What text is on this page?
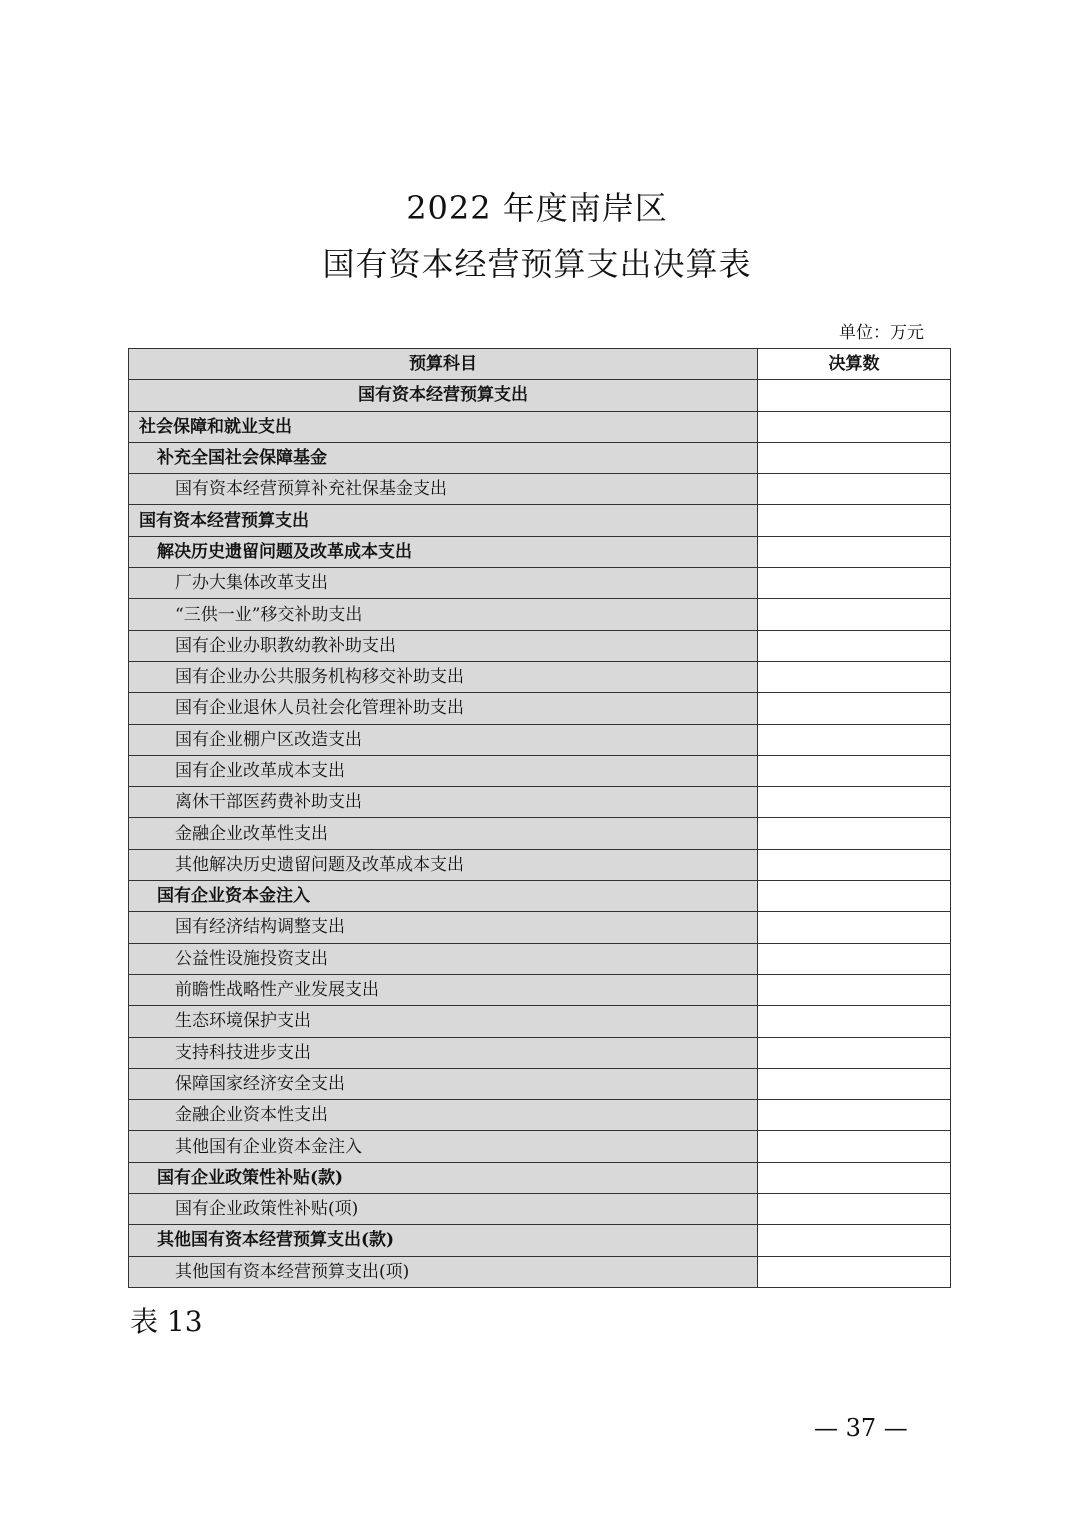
2022 年度南岸区
国有资本经营预算支出决算表
单位：万元
预算科目	决算数
国有资本经营预算支出	
社会保障和就业支出	
补充全国社会保障基金	
国有资本经营预算补充社保基金支出	
国有资本经营预算支出	
解决历史遗留问题及改革成本支出	
厂办大集体改革支出	
“三供一业”移交补助支出	
国有企业办职教幼教补助支出	
国有企业办公共服务机构移交补助支出	
国有企业退休人员社会化管理补助支出	
国有企业棚户区改造支出	
国有企业改革成本支出	
离休干部医药费补助支出	
金融企业改革性支出	
其他解决历史遗留问题及改革成本支出	
国有企业资本金注入	
国有经济结构调整支出	
公益性设施投资支出	
前瞻性战略性产业发展支出	
生态环境保护支出	
支持科技进步支出	
保障国家经济安全支出	
金融企业资本性支出	
其他国有企业资本金注入	
国有企业政策性补贴(款)	
国有企业政策性补贴(项)	
其他国有资本经营预算支出(款)	
其他国有资本经营预算支出(项)	
表 13
— 37 —
